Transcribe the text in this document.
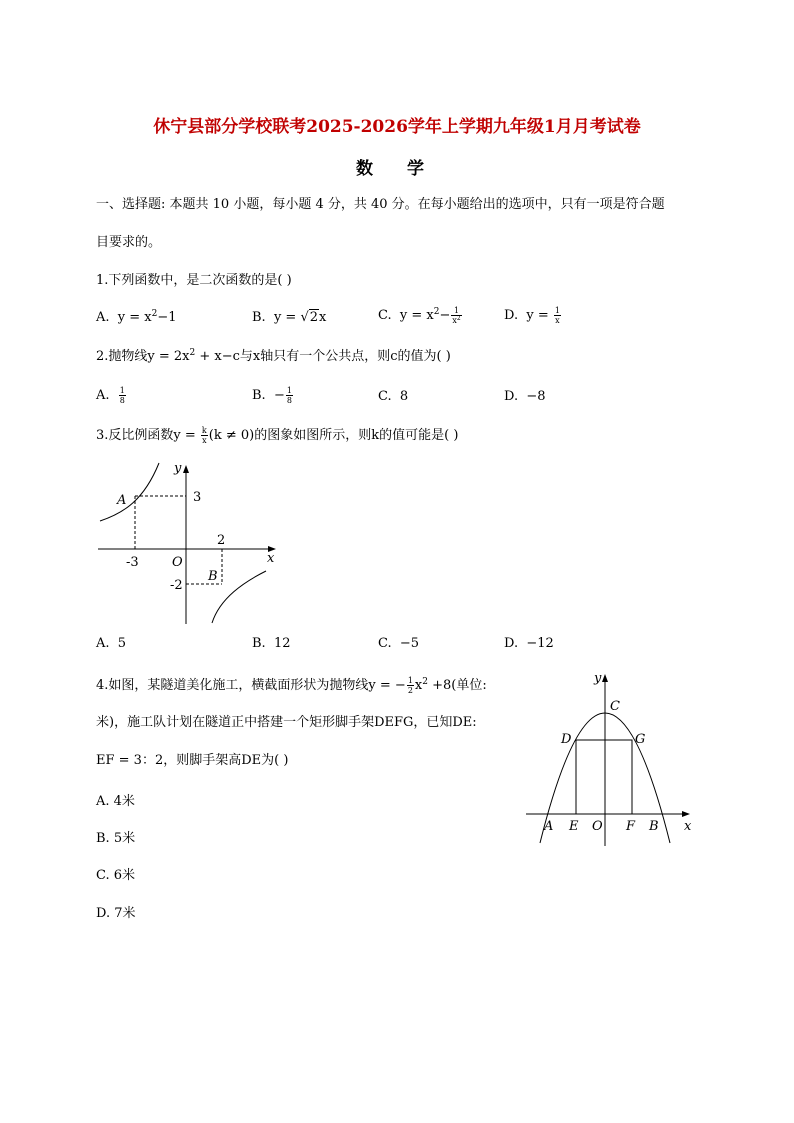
休宁县部分学校联考2025-2026学年上学期九年级1月月考试卷
数 学
一、选择题: 本题共 10 小题，每小题 4 分，共 40 分。在每小题给出的选项中，只有一项是符合题
目要求的。
1.下列函数中，是二次函数的是( )
A. $y = x^2-1$	B. y = √2x	C. $y = x^2- \frac{1}{x^2}$	D. $y = \frac{1}{x}$
2.抛物线$y = 2x^2 + x-c$与x轴只有一个公共点，则c的值为( )
A. $\frac{1}{8}$	B. − $\frac{1}{8}$	C. 8	D. −8
3.反比例函数$y = \frac{k}{x} (k \ne 0)$的图象如图所示，则k的值可能是( )
y
x
O
A
B
3
-3
2
-2
A. 5	B. 12	C. −5	D. −12
4.如图，某隧道美化施工，横截面形状为抛物线y = − $\frac{1}{2} x^2 +8$(单位:
米)，施工队计划在隧道正中搭建一个矩形脚手架DEFG，已知DE:
EF = 3：2，则脚手架高DE为( )
A. 4米
B. 5米
C. 6米
D. 7米
y
x
C
D	G
A E O F B
